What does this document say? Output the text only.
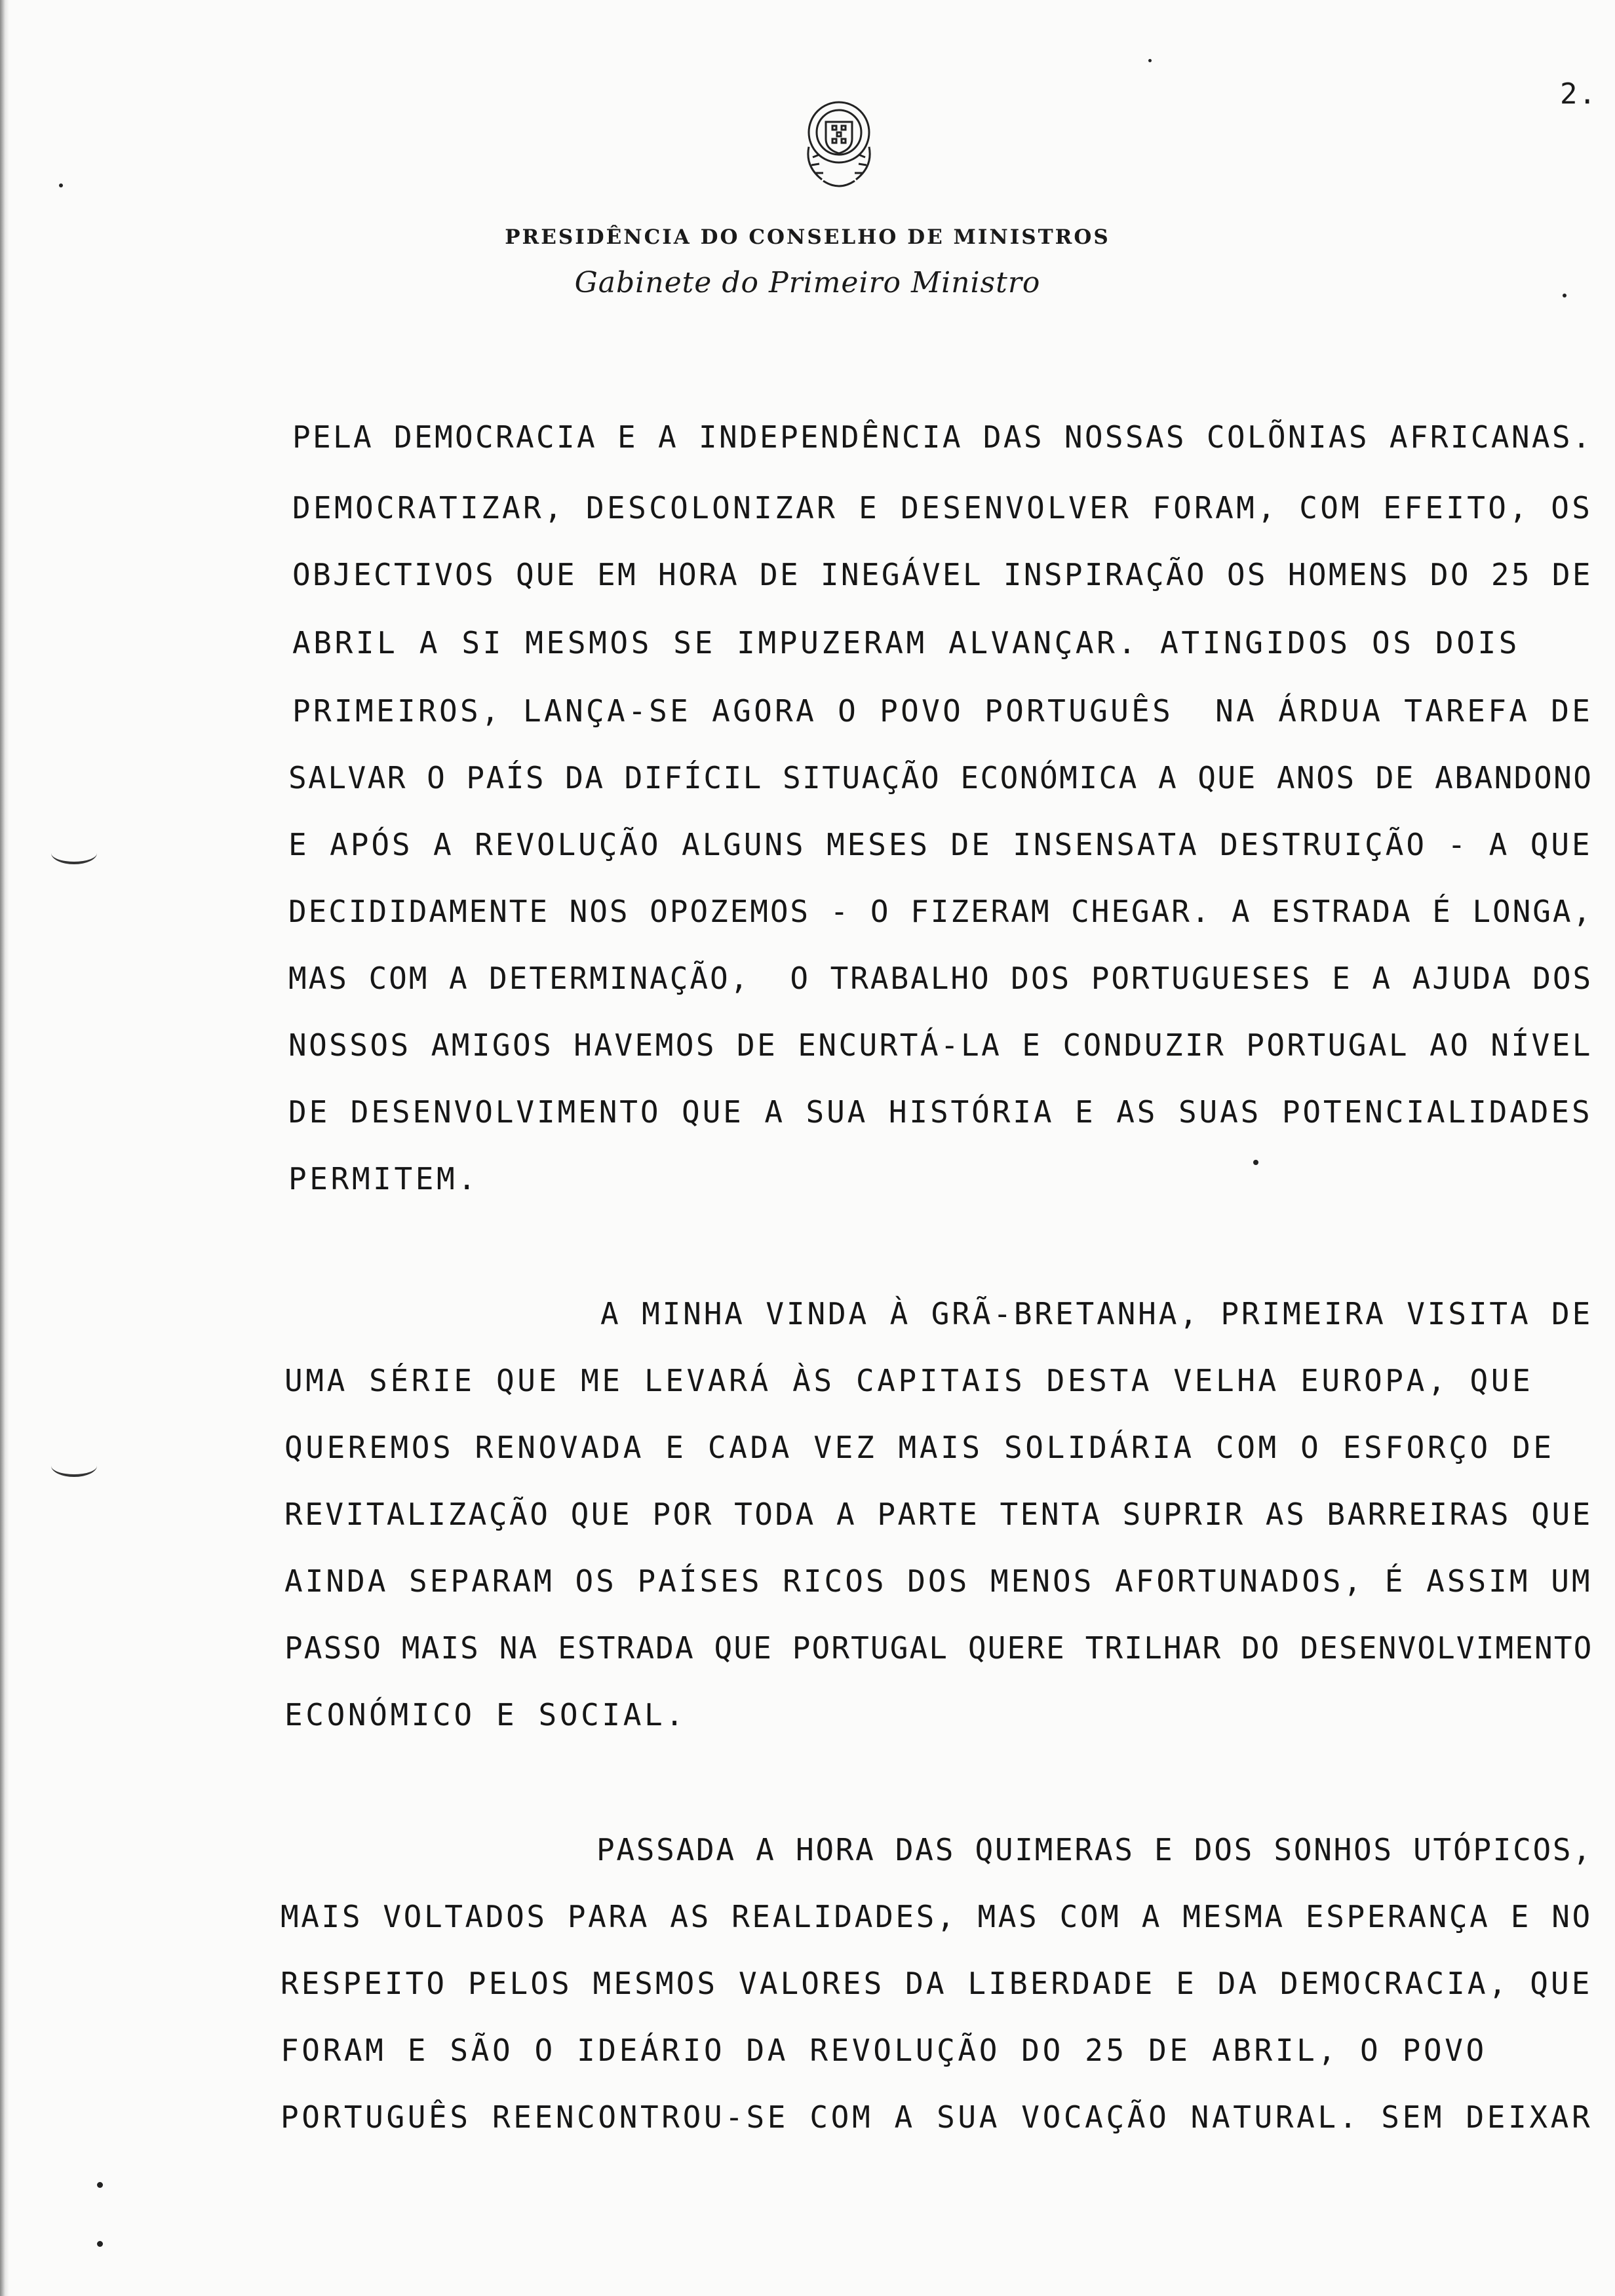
2.
PRESIDÊNCIA DO CONSELHO DE MINISTROS
Gabinete do Primeiro Ministro
PELA DEMOCRACIA E A INDEPENDÊNCIA DAS NOSSAS COLÕNIAS AFRICANAS.
DEMOCRATIZAR, DESCOLONIZAR E DESENVOLVER FORAM, COM EFEITO, OS
OBJECTIVOS QUE EM HORA DE INEGÁVEL INSPIRAÇÃO OS HOMENS DO 25 DE
ABRIL A SI MESMOS SE IMPUZERAM ALVANÇAR. ATINGIDOS OS DOIS
PRIMEIROS, LANÇA-SE AGORA O POVO PORTUGUÊS  NA ÁRDUA TAREFA DE
SALVAR O PAÍS DA DIFÍCIL SITUAÇÃO ECONÓMICA A QUE ANOS DE ABANDONO
E APÓS A REVOLUÇÃO ALGUNS MESES DE INSENSATA DESTRUIÇÃO - A QUE
DECIDIDAMENTE NOS OPOZEMOS - O FIZERAM CHEGAR. A ESTRADA É LONGA,
MAS COM A DETERMINAÇÃO,  O TRABALHO DOS PORTUGUESES E A AJUDA DOS
NOSSOS AMIGOS HAVEMOS DE ENCURTÁ-LA E CONDUZIR PORTUGAL AO NÍVEL
DE DESENVOLVIMENTO QUE A SUA HISTÓRIA E AS SUAS POTENCIALIDADES
PERMITEM.
A MINHA VINDA À GRÃ-BRETANHA, PRIMEIRA VISITA DE
UMA SÉRIE QUE ME LEVARÁ ÀS CAPITAIS DESTA VELHA EUROPA, QUE
QUEREMOS RENOVADA E CADA VEZ MAIS SOLIDÁRIA COM O ESFORÇO DE
REVITALIZAÇÃO QUE POR TODA A PARTE TENTA SUPRIR AS BARREIRAS QUE
AINDA SEPARAM OS PAÍSES RICOS DOS MENOS AFORTUNADOS, É ASSIM UM
PASSO MAIS NA ESTRADA QUE PORTUGAL QUERE TRILHAR DO DESENVOLVIMENTO
ECONÓMICO E SOCIAL.
PASSADA A HORA DAS QUIMERAS E DOS SONHOS UTÓPICOS,
MAIS VOLTADOS PARA AS REALIDADES, MAS COM A MESMA ESPERANÇA E NO
RESPEITO PELOS MESMOS VALORES DA LIBERDADE E DA DEMOCRACIA, QUE
FORAM E SÃO O IDEÁRIO DA REVOLUÇÃO DO 25 DE ABRIL, O POVO
PORTUGUÊS REENCONTROU-SE COM A SUA VOCAÇÃO NATURAL. SEM DEIXAR
